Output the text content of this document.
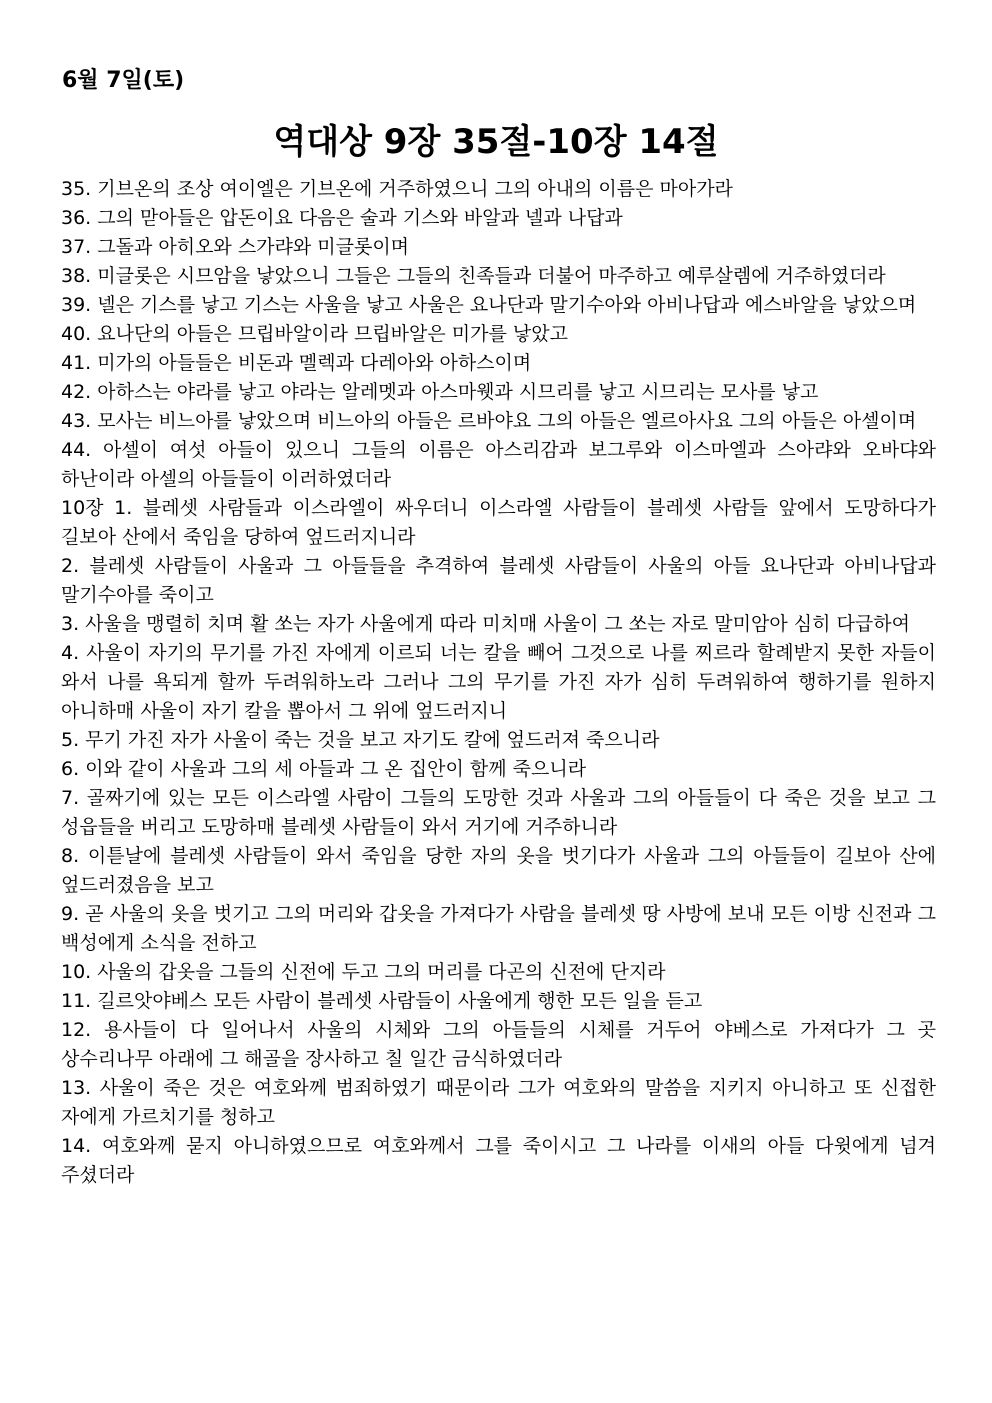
6월 7일(토)
역대상 9장 35절-10장 14절
35. 기브온의 조상 여이엘은 기브온에 거주하였으니 그의 아내의 이름은 마아가라
36. 그의 맏아들은 압돈이요 다음은 술과 기스와 바알과 넬과 나답과
37. 그돌과 아히오와 스가랴와 미글롯이며
38. 미글롯은 시므암을 낳았으니 그들은 그들의 친족들과 더불어 마주하고 예루살렘에 거주하였더라
39. 넬은 기스를 낳고 기스는 사울을 낳고 사울은 요나단과 말기수아와 아비나답과 에스바알을 낳았으며
40. 요나단의 아들은 므립바알이라 므립바알은 미가를 낳았고
41. 미가의 아들들은 비돈과 멜렉과 다레아와 아하스이며
42. 아하스는 야라를 낳고 야라는 알레멧과 아스마웻과 시므리를 낳고 시므리는 모사를 낳고
43. 모사는 비느아를 낳았으며 비느아의 아들은 르바야요 그의 아들은 엘르아사요 그의 아들은 아셀이며
44. 아셀이 여섯 아들이 있으니 그들의 이름은 아스리감과 보그루와 이스마엘과 스아랴와 오바댜와 하난이라 아셀의 아들들이 이러하였더라
10장 1. 블레셋 사람들과 이스라엘이 싸우더니 이스라엘 사람들이 블레셋 사람들 앞에서 도망하다가 길보아 산에서 죽임을 당하여 엎드러지니라
2. 블레셋 사람들이 사울과 그 아들들을 추격하여 블레셋 사람들이 사울의 아들 요나단과 아비나답과 말기수아를 죽이고
3. 사울을 맹렬히 치며 활 쏘는 자가 사울에게 따라 미치매 사울이 그 쏘는 자로 말미암아 심히 다급하여
4. 사울이 자기의 무기를 가진 자에게 이르되 너는 칼을 빼어 그것으로 나를 찌르라 할례받지 못한 자들이 와서 나를 욕되게 할까 두려워하노라 그러나 그의 무기를 가진 자가 심히 두려워하여 행하기를 원하지 아니하매 사울이 자기 칼을 뽑아서 그 위에 엎드러지니
5. 무기 가진 자가 사울이 죽는 것을 보고 자기도 칼에 엎드러져 죽으니라
6. 이와 같이 사울과 그의 세 아들과 그 온 집안이 함께 죽으니라
7. 골짜기에 있는 모든 이스라엘 사람이 그들의 도망한 것과 사울과 그의 아들들이 다 죽은 것을 보고 그 성읍들을 버리고 도망하매 블레셋 사람들이 와서 거기에 거주하니라
8. 이튿날에 블레셋 사람들이 와서 죽임을 당한 자의 옷을 벗기다가 사울과 그의 아들들이 길보아 산에 엎드러졌음을 보고
9. 곧 사울의 옷을 벗기고 그의 머리와 갑옷을 가져다가 사람을 블레셋 땅 사방에 보내 모든 이방 신전과 그 백성에게 소식을 전하고
10. 사울의 갑옷을 그들의 신전에 두고 그의 머리를 다곤의 신전에 단지라
11. 길르앗야베스 모든 사람이 블레셋 사람들이 사울에게 행한 모든 일을 듣고
12. 용사들이 다 일어나서 사울의 시체와 그의 아들들의 시체를 거두어 야베스로 가져다가 그 곳 상수리나무 아래에 그 해골을 장사하고 칠 일간 금식하였더라
13. 사울이 죽은 것은 여호와께 범죄하였기 때문이라 그가 여호와의 말씀을 지키지 아니하고 또 신접한 자에게 가르치기를 청하고
14. 여호와께 묻지 아니하였으므로 여호와께서 그를 죽이시고 그 나라를 이새의 아들 다윗에게 넘겨 주셨더라
